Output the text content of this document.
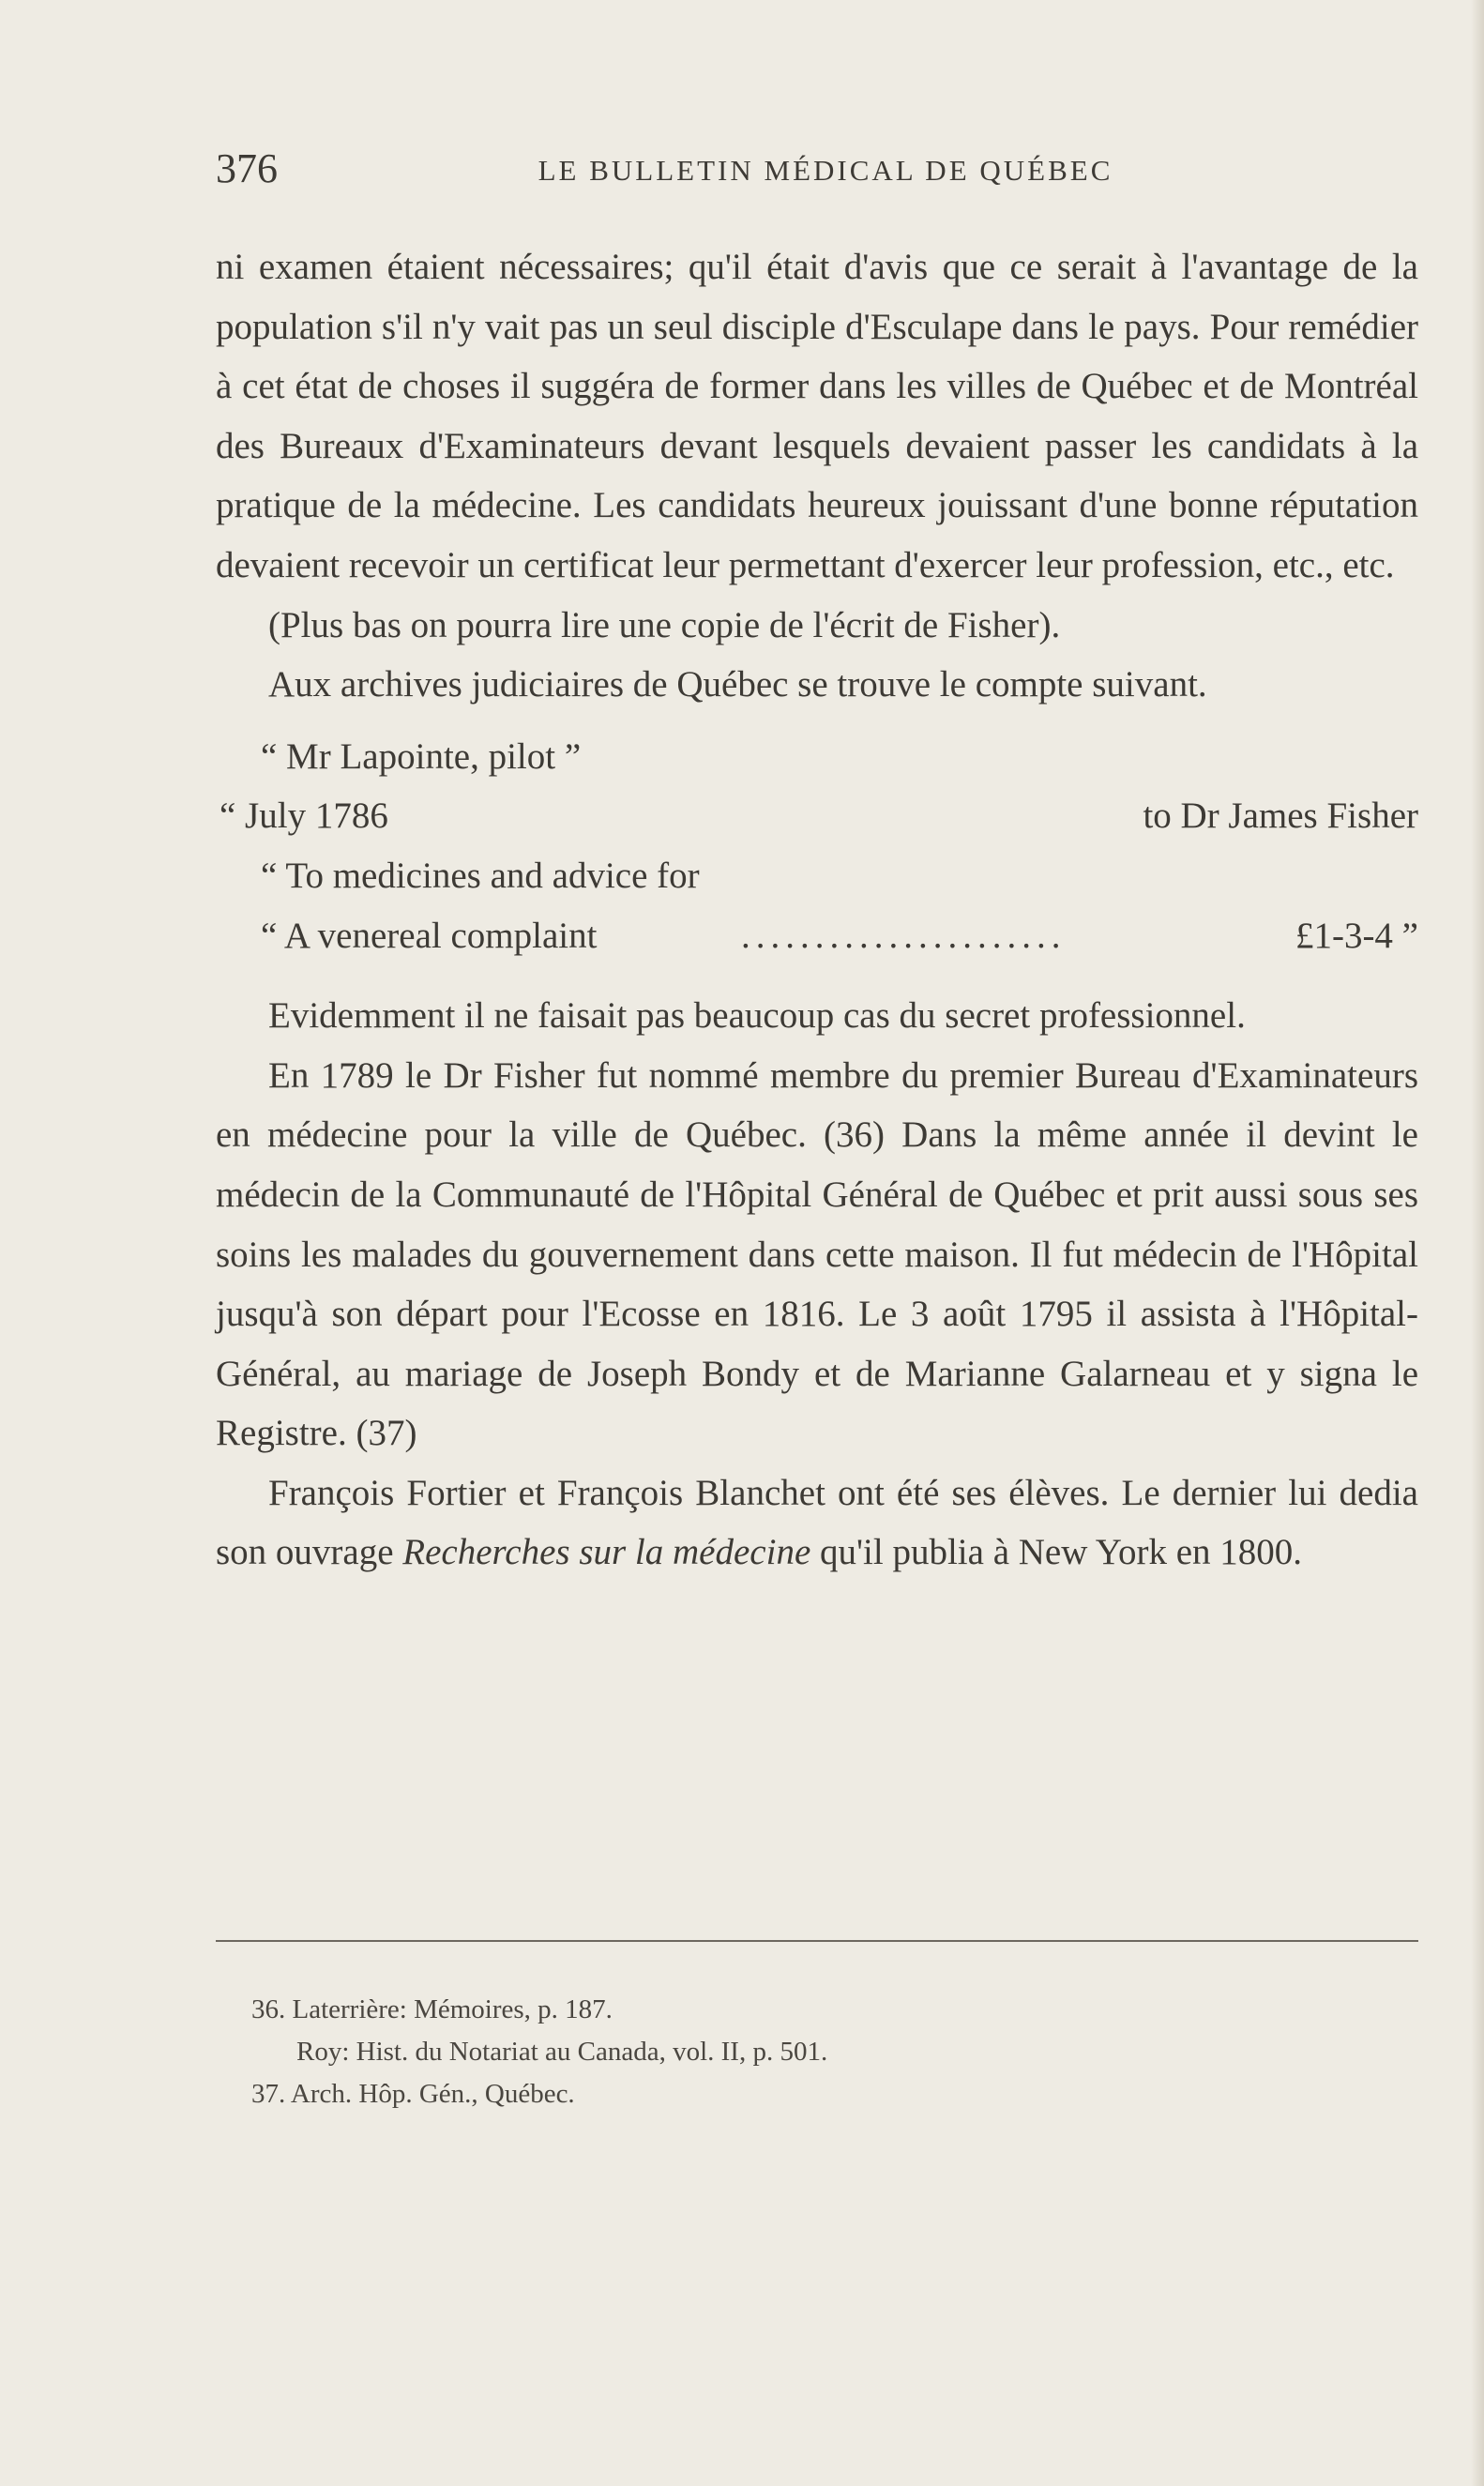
376	LE BULLETIN MÉDICAL DE QUÉBEC

ni examen étaient nécessaires; qu'il était d'avis que ce serait à l'avantage de la population s'il n'y vait pas un seul disciple d'Esculape dans le pays. Pour remédier à cet état de choses il suggéra de former dans les villes de Québec et de Montréal des Bureaux d'Examinateurs devant lesquels devaient passer les candidats à la pratique de la médecine. Les candidats heureux jouissant d'une bonne réputation devaient recevoir un certificat leur permettant d'exercer leur profession, etc., etc.

(Plus bas on pourra lire une copie de l'écrit de Fisher).

Aux archives judiciaires de Québec se trouve le compte suivant.

“ Mr Lapointe, pilot ”
“ July 1786	to Dr James Fisher
“ To medicines and advice for
“ A venereal complaint	......................	£1-3-4 ”

Evidemment il ne faisait pas beaucoup cas du secret professionnel.

En 1789 le Dr Fisher fut nommé membre du premier Bureau d'Examinateurs en médecine pour la ville de Québec. (36) Dans la même année il devint le médecin de la Communauté de l'Hôpital Général de Québec et prit aussi sous ses soins les malades du gouvernement dans cette maison. Il fut médecin de l'Hôpital jusqu'à son départ pour l'Ecosse en 1816. Le 3 août 1795 il assista à l'Hôpital-Général, au mariage de Joseph Bondy et de Marianne Galarneau et y signa le Registre. (37)

François Fortier et François Blanchet ont été ses élèves. Le dernier lui dedia son ouvrage Recherches sur la médecine qu'il publia à New York en 1800.

36. Laterrière: Mémoires, p. 187.

Roy: Hist. du Notariat au Canada, vol. II, p. 501.

37. Arch. Hôp. Gén., Québec.
